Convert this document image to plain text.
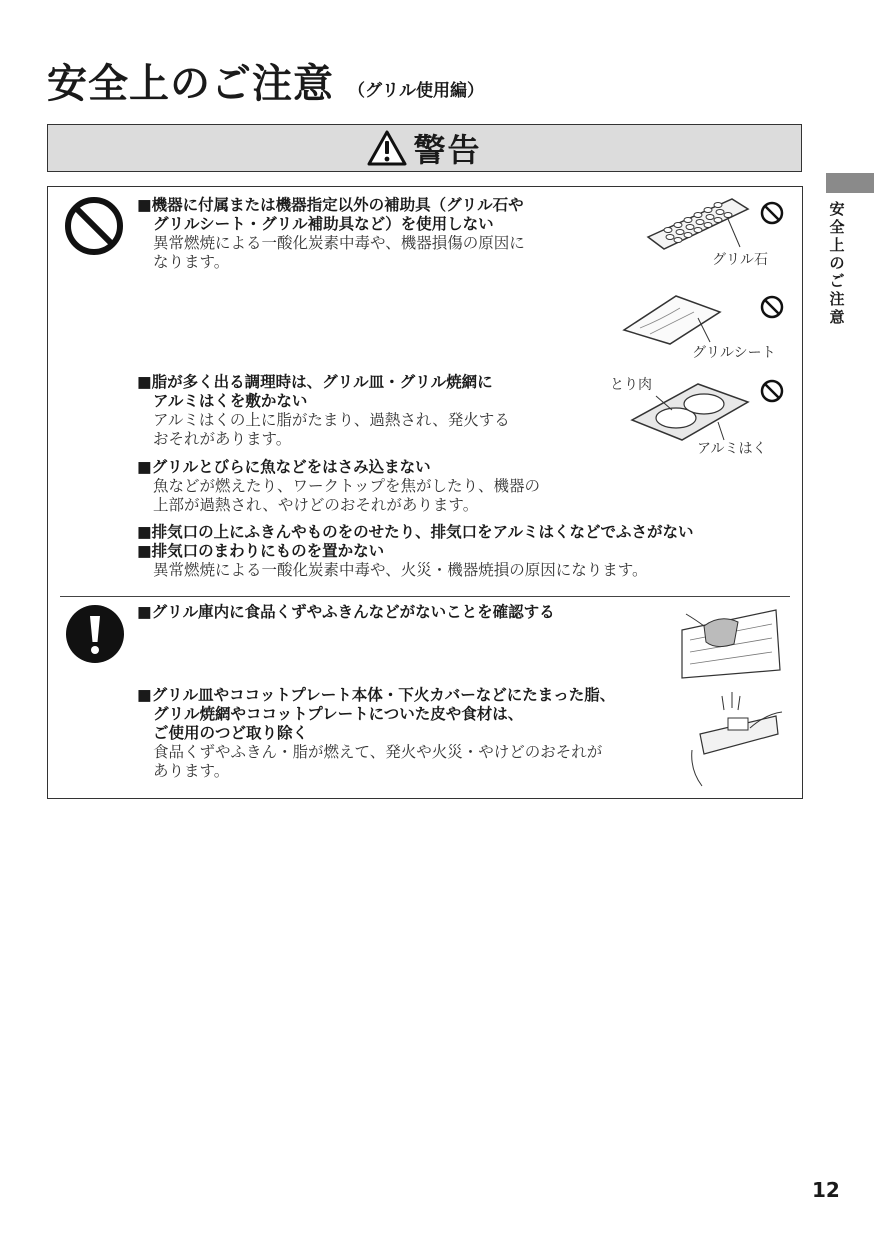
安全上のご注意 （グリル使用編）
警告
■機器に付属または機器指定以外の補助具（グリル石や
グリルシート・グリル補助具など）を使用しない
異常燃焼による一酸化炭素中毒や、機器損傷の原因に
なります。
■脂が多く出る調理時は、グリル皿・グリル焼網に
アルミはくを敷かない
アルミはくの上に脂がたまり、過熱され、発火する
おそれがあります。
■グリルとびらに魚などをはさみ込まない
魚などが燃えたり、ワークトップを焦がしたり、機器の
上部が過熱され、やけどのおそれがあります。
■排気口の上にふきんやものをのせたり、排気口をアルミはくなどでふさがない
■排気口のまわりにものを置かない
異常燃焼による一酸化炭素中毒や、火災・機器焼損の原因になります。
■グリル庫内に食品くずやふきんなどがないことを確認する
■グリル皿やココットプレート本体・下火カバーなどにたまった脂、
グリル焼網やココットプレートについた皮や食材は、
ご使用のつど取り除く
食品くずやふきん・脂が燃えて、発火や火災・やけどのおそれが
あります。
グリル石
グリルシート
とり肉
アルミはく
安全上のご注意
12
